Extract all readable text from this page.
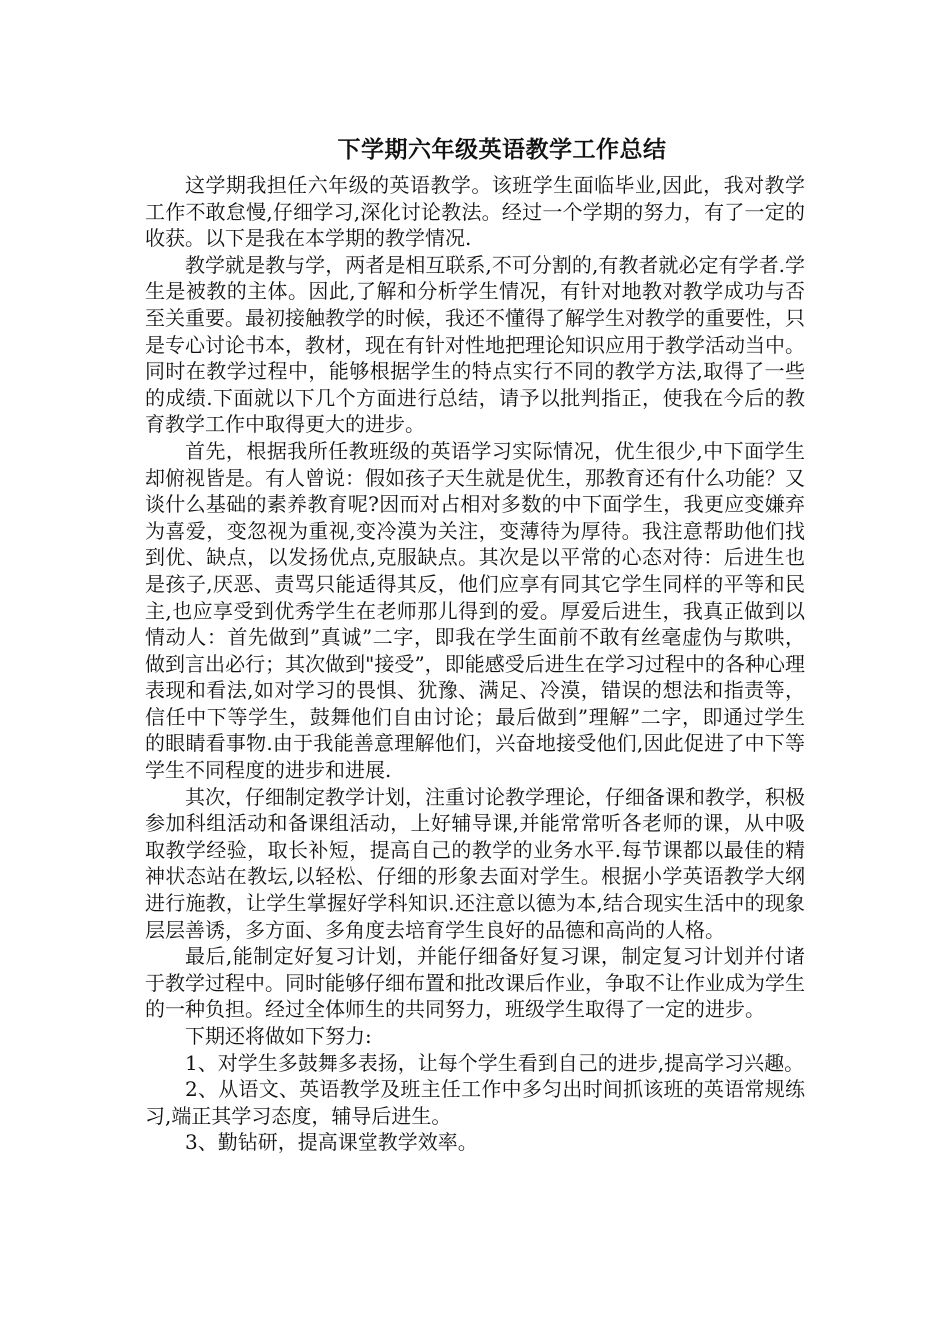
下学期六年级英语教学工作总结

这学期我担任六年级的英语教学。该班学生面临毕业,因此，我对教学工作不敢怠慢,仔细学习,深化讨论教法。经过一个学期的努力，有了一定的收获。以下是我在本学期的教学情况.

教学就是教与学，两者是相互联系,不可分割的,有教者就必定有学者.学生是被教的主体。因此,了解和分析学生情况，有针对地教对教学成功与否至关重要。最初接触教学的时候，我还不懂得了解学生对教学的重要性，只是专心讨论书本，教材，现在有针对性地把理论知识应用于教学活动当中。同时在教学过程中，能够根据学生的特点实行不同的教学方法,取得了一些的成绩.下面就以下几个方面进行总结，请予以批判指正，使我在今后的教育教学工作中取得更大的进步。

首先，根据我所任教班级的英语学习实际情况，优生很少,中下面学生却俯视皆是。有人曾说：假如孩子天生就是优生，那教育还有什么功能？又谈什么基础的素养教育呢?因而对占相对多数的中下面学生，我更应变嫌弃为喜爱，变忽视为重视,变冷漠为关注，变薄待为厚待。我注意帮助他们找到优、缺点，以发扬优点,克服缺点。其次是以平常的心态对待：后进生也是孩子,厌恶、责骂只能适得其反，他们应享有同其它学生同样的平等和民主,也应享受到优秀学生在老师那儿得到的爱。厚爱后进生，我真正做到以情动人：首先做到”真诚”二字，即我在学生面前不敢有丝毫虚伪与欺哄，做到言出必行；其次做到"接受”，即能感受后进生在学习过程中的各种心理表现和看法,如对学习的畏惧、犹豫、满足、冷漠，错误的想法和指责等，信任中下等学生，鼓舞他们自由讨论；最后做到”理解”二字，即通过学生的眼睛看事物.由于我能善意理解他们，兴奋地接受他们,因此促进了中下等学生不同程度的进步和进展.

其次，仔细制定教学计划，注重讨论教学理论，仔细备课和教学，积极参加科组活动和备课组活动，上好辅导课,并能常常听各老师的课，从中吸取教学经验，取长补短，提高自己的教学的业务水平.每节课都以最佳的精神状态站在教坛,以轻松、仔细的形象去面对学生。根据小学英语教学大纲进行施教，让学生掌握好学科知识.还注意以德为本,结合现实生活中的现象层层善诱，多方面、多角度去培育学生良好的品德和高尚的人格。

最后,能制定好复习计划，并能仔细备好复习课，制定复习计划并付诸于教学过程中。同时能够仔细布置和批改课后作业，争取不让作业成为学生的一种负担。经过全体师生的共同努力，班级学生取得了一定的进步。

下期还将做如下努力:

1、对学生多鼓舞多表扬，让每个学生看到自己的进步,提高学习兴趣。

2、从语文、英语教学及班主任工作中多匀出时间抓该班的英语常规练习,端正其学习态度，辅导后进生。

3、勤钻研，提高课堂教学效率。
